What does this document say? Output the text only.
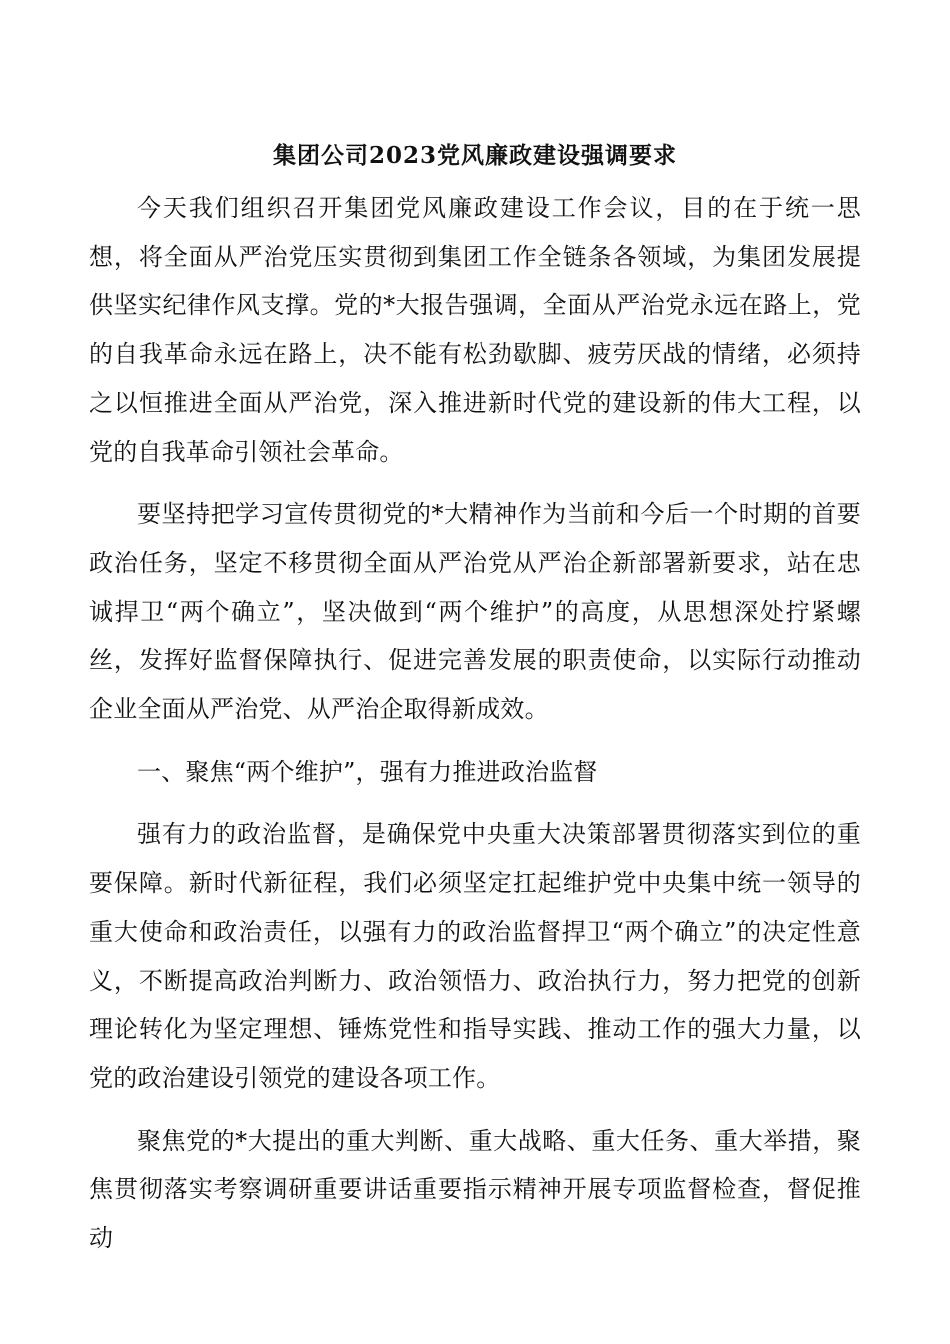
集团公司2023党风廉政建设强调要求

今天我们组织召开集团党风廉政建设工作会议，目的在于统一思想，将全面从严治党压实贯彻到集团工作全链条各领域，为集团发展提供坚实纪律作风支撑。党的*大报告强调，全面从严治党永远在路上，党的自我革命永远在路上，决不能有松劲歇脚、疲劳厌战的情绪，必须持之以恒推进全面从严治党，深入推进新时代党的建设新的伟大工程，以党的自我革命引领社会革命。

要坚持把学习宣传贯彻党的*大精神作为当前和今后一个时期的首要政治任务，坚定不移贯彻全面从严治党从严治企新部署新要求，站在忠诚捍卫“两个确立”，坚决做到“两个维护”的高度，从思想深处拧紧螺丝，发挥好监督保障执行、促进完善发展的职责使命，以实际行动推动企业全面从严治党、从严治企取得新成效。

一、聚焦“两个维护”，强有力推进政治监督

强有力的政治监督，是确保党中央重大决策部署贯彻落实到位的重要保障。新时代新征程，我们必须坚定扛起维护党中央集中统一领导的重大使命和政治责任，以强有力的政治监督捍卫“两个确立”的决定性意义，不断提高政治判断力、政治领悟力、政治执行力，努力把党的创新理论转化为坚定理想、锤炼党性和指导实践、推动工作的强大力量，以党的政治建设引领党的建设各项工作。

聚焦党的*大提出的重大判断、重大战略、重大任务、重大举措，聚焦贯彻落实考察调研重要讲话重要指示精神开展专项监督检查，督促推动
